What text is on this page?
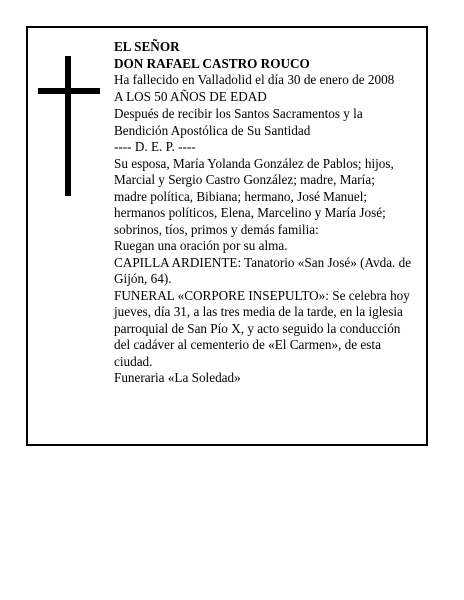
EL SEÑOR

DON RAFAEL CASTRO ROUCO

Ha fallecido en Valladolid el día 30 de enero de 2008

A LOS 50 AÑOS DE EDAD

Después de recibir los Santos Sacramentos y la

Bendición Apostólica de Su Santidad

---- D. E. P. ----

Su esposa, María Yolanda González de Pablos; hijos,

Marcial y Sergio Castro González; madre, María;

madre política, Bibiana; hermano, José Manuel;

hermanos políticos, Elena, Marcelino y María José;

sobrinos, tíos, primos y demás familia:

Ruegan una oración por su alma.

CAPILLA ARDIENTE: Tanatorio «San José» (Avda. de

Gijón, 64).

FUNERAL «CORPORE INSEPULTO»: Se celebra hoy

jueves, día 31, a las tres media de la tarde, en la iglesia

parroquial de San Pío X, y acto seguido la conducción

del cadáver al cementerio de «El Carmen», de esta

ciudad.

Funeraria «La Soledad»
